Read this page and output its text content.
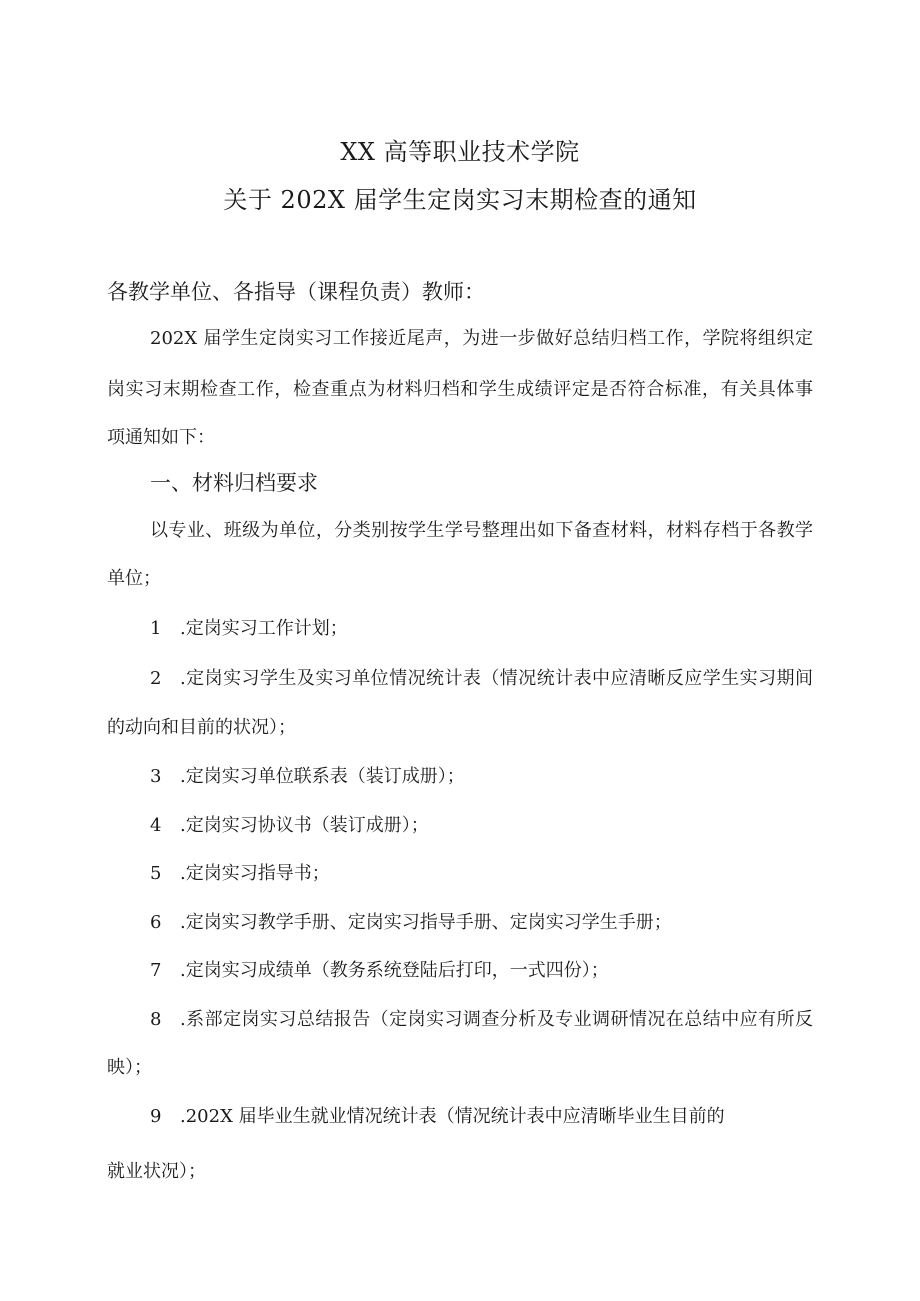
XX 高等职业技术学院
关于 202X 届学生定岗实习末期检查的通知
各教学单位、各指导（课程负责）教师：
202X 届学生定岗实习工作接近尾声，为进一步做好总结归档工作，学院将组织定
岗实习末期检查工作，检查重点为材料归档和学生成绩评定是否符合标准，有关具体事
项通知如下：
一、材料归档要求
以专业、班级为单位，分类别按学生学号整理出如下备查材料，材料存档于各教学
单位；
1 .定岗实习工作计划；
2 .定岗实习学生及实习单位情况统计表（情况统计表中应清晰反应学生实习期间
的动向和目前的状况）；
3 .定岗实习单位联系表（装订成册）；
4 .定岗实习协议书（装订成册）；
5 .定岗实习指导书；
6 .定岗实习教学手册、定岗实习指导手册、定岗实习学生手册；
7 .定岗实习成绩单（教务系统登陆后打印，一式四份）；
8 .系部定岗实习总结报告（定岗实习调查分析及专业调研情况在总结中应有所反
映）；
9 .202X 届毕业生就业情况统计表（情况统计表中应清晰毕业生目前的
就业状况）；
